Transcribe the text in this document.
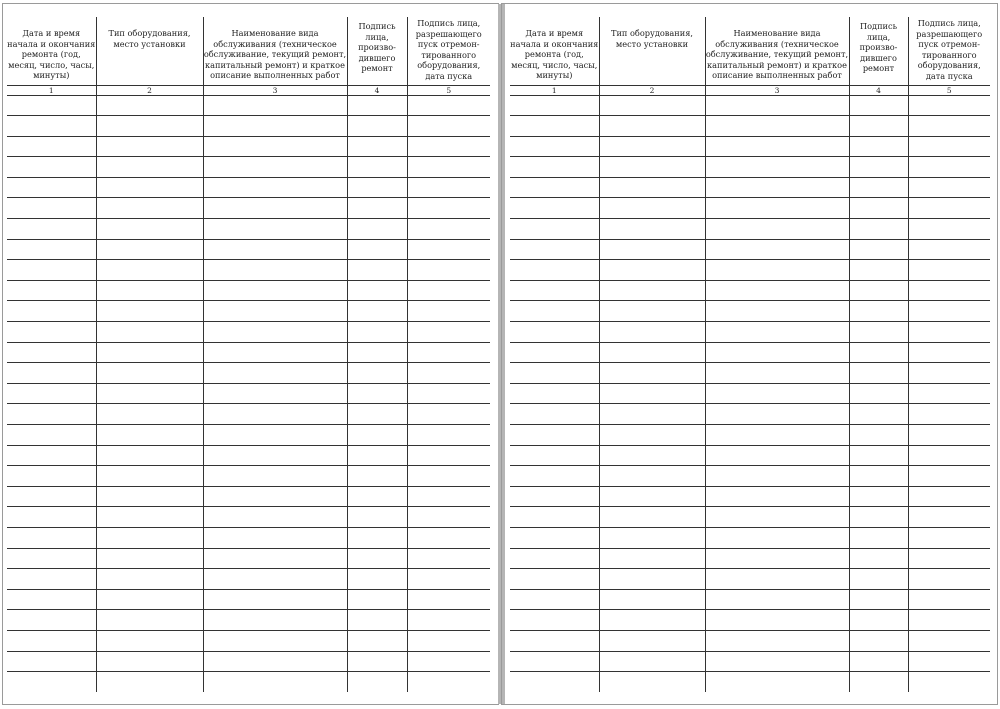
Дата и время начала и окончания ремонта (год, месяц, число, часы, минуты)	Тип оборудования, место установки	Наименование вида обслуживания (техническое обслуживание, текущий ремонт, капитальный ремонт) и краткое описание выполненных работ	Подпись лица, произво-дившего ремонт	Подпись лица, разрешающего пуск отремон-тированного оборудования, дата пуска
1	2	3	4	5

Дата и время начала и окончания ремонта (год, месяц, число, часы, минуты)	Тип оборудования, место установки	Наименование вида обслуживания (техническое обслуживание, текущий ремонт, капитальный ремонт) и краткое описание выполненных работ	Подпись лица, произво-дившего ремонт	Подпись лица, разрешающего пуск отремон-тированного оборудования, дата пуска
1	2	3	4	5
